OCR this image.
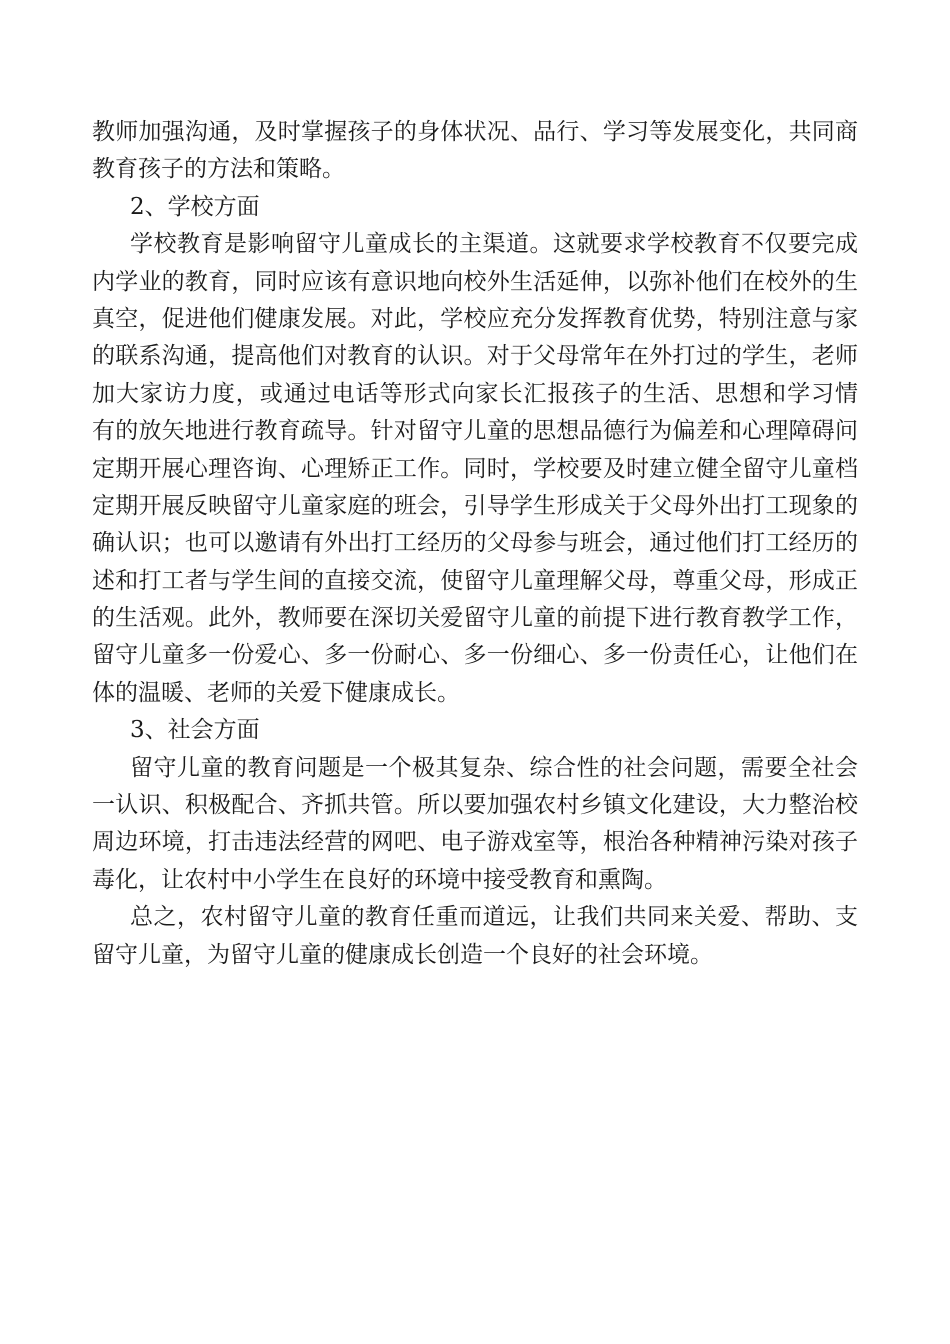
教师加强沟通，及时掌握孩子的身体状况、品行、学习等发展变化，共同商
教育孩子的方法和策略。
2、学校方面
学校教育是影响留守儿童成长的主渠道。这就要求学校教育不仅要完成
内学业的教育，同时应该有意识地向校外生活延伸，以弥补他们在校外的生
真空，促进他们健康发展。对此，学校应充分发挥教育优势，特别注意与家
的联系沟通，提高他们对教育的认识。对于父母常年在外打过的学生，老师
加大家访力度，或通过电话等形式向家长汇报孩子的生活、思想和学习情
有的放矢地进行教育疏导。针对留守儿童的思想品德行为偏差和心理障碍问
定期开展心理咨询、心理矫正工作。同时，学校要及时建立健全留守儿童档
定期开展反映留守儿童家庭的班会，引导学生形成关于父母外出打工现象的
确认识；也可以邀请有外出打工经历的父母参与班会，通过他们打工经历的
述和打工者与学生间的直接交流，使留守儿童理解父母，尊重父母，形成正
的生活观。此外，教师要在深切关爱留守儿童的前提下进行教育教学工作，
留守儿童多一份爱心、多一份耐心、多一份细心、多一份责任心，让他们在
体的温暖、老师的关爱下健康成长。
3、社会方面
留守儿童的教育问题是一个极其复杂、综合性的社会问题，需要全社会
一认识、积极配合、齐抓共管。所以要加强农村乡镇文化建设，大力整治校
周边环境，打击违法经营的网吧、电子游戏室等，根治各种精神污染对孩子
毒化，让农村中小学生在良好的环境中接受教育和熏陶。
总之，农村留守儿童的教育任重而道远，让我们共同来关爱、帮助、支
留守儿童，为留守儿童的健康成长创造一个良好的社会环境。
